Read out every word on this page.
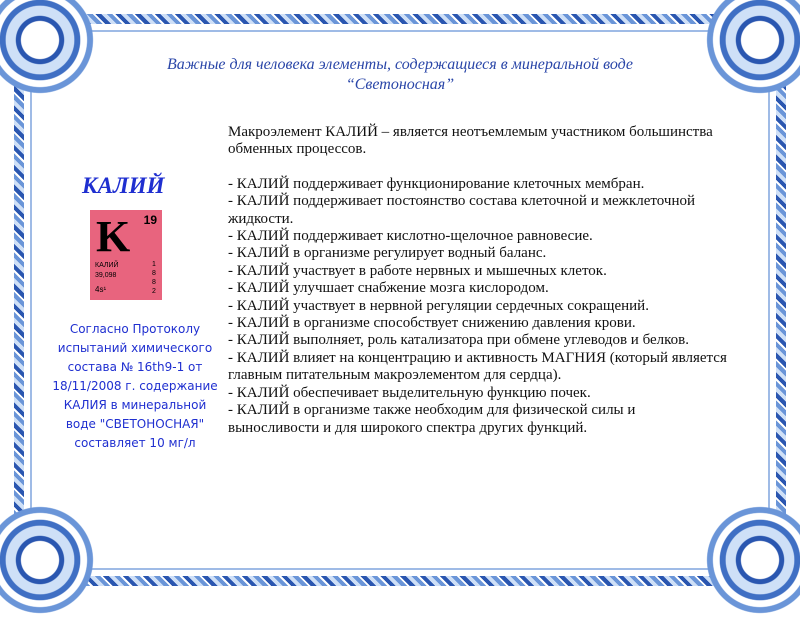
Важные для человека элементы, содержащиеся в минеральной воде “Светоносная”
КАЛИЙ
19
K
КАЛИЙ
39,098
4s¹
1
8
8
2
Согласно Протоколу испытаний химического состава № 16th9-1 от 18/11/2008 г. содержание КАЛИЯ в минеральной воде "СВЕТОНОСНАЯ" составляет 10 мг/л

Макроэлемент КАЛИЙ – является неотъемлемым участником большинства обменных процессов.

- КАЛИЙ поддерживает функционирование клеточных мембран.

- КАЛИЙ поддерживает постоянство состава клеточной и межклеточной жидкости.

- КАЛИЙ поддерживает кислотно-щелочное равновесие.

- КАЛИЙ в организме регулирует водный баланс.

- КАЛИЙ участвует в работе нервных и мышечных клеток.

- КАЛИЙ улучшает снабжение мозга кислородом.

- КАЛИЙ участвует в нервной регуляции сердечных сокращений.

- КАЛИЙ в организме способствует снижению давления крови.

- КАЛИЙ выполняет, роль катализатора при обмене углеводов и белков.

- КАЛИЙ влияет на концентрацию и активность МАГНИЯ (который является главным питательным макроэлементом для сердца).

- КАЛИЙ обеспечивает выделительную функцию почек.

- КАЛИЙ в организме также необходим для физической силы и выносливости и для широкого спектра других функций.
